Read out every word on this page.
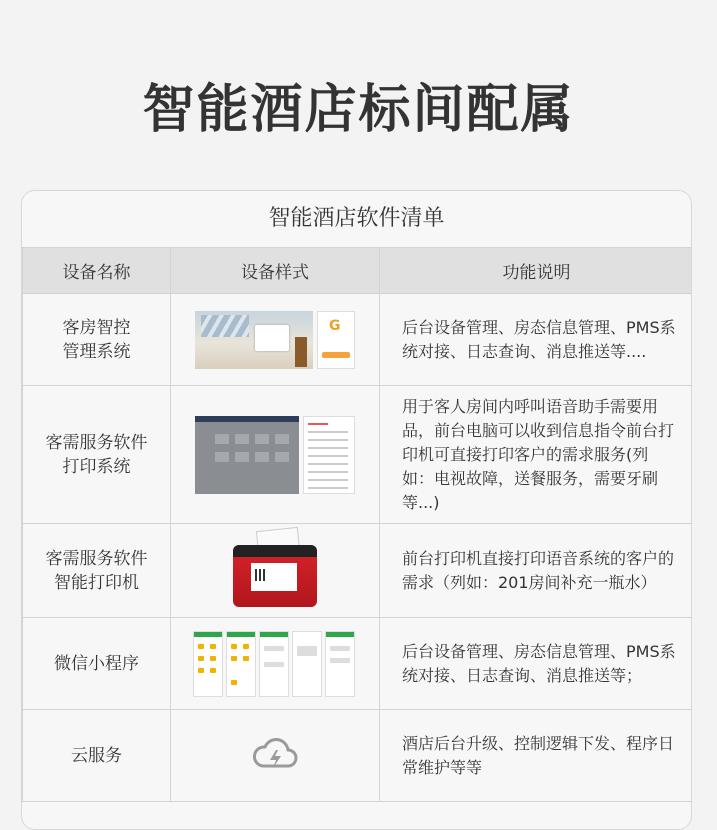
智能酒店标间配属
智能酒店软件清单
设备名称	设备样式	功能说明
客房智控
管理系统	G	后台设备管理、房态信息管理、PMS系统对接、日志查询、消息推送等....
客需服务软件
打印系统		用于客人房间内呼叫语音助手需要用品，前台电脑可以收到信息指令前台打印机可直接打印客户的需求服务(列如：电视故障，送餐服务，需要牙刷等...)
客需服务软件
智能打印机		前台打印机直接打印语音系统的客户的需求（列如：201房间补充一瓶水）
微信小程序		后台设备管理、房态信息管理、PMS系统对接、日志查询、消息推送等；
云服务		酒店后台升级、控制逻辑下发、程序日常维护等等
